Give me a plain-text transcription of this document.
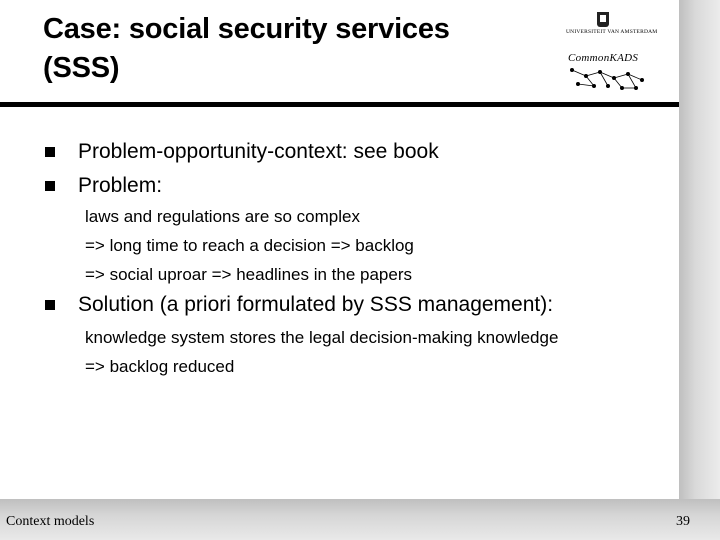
Case: social security services
(SSS)
UNIVERSITEIT VAN AMSTERDAM
CommonKADS
Problem-opportunity-context: see book
Problem:
laws and regulations are so complex
=> long time to reach a decision => backlog
=> social uproar => headlines in the papers
Solution (a priori formulated by SSS management):
knowledge system stores the legal decision-making knowledge
=> backlog reduced
Context models	39
